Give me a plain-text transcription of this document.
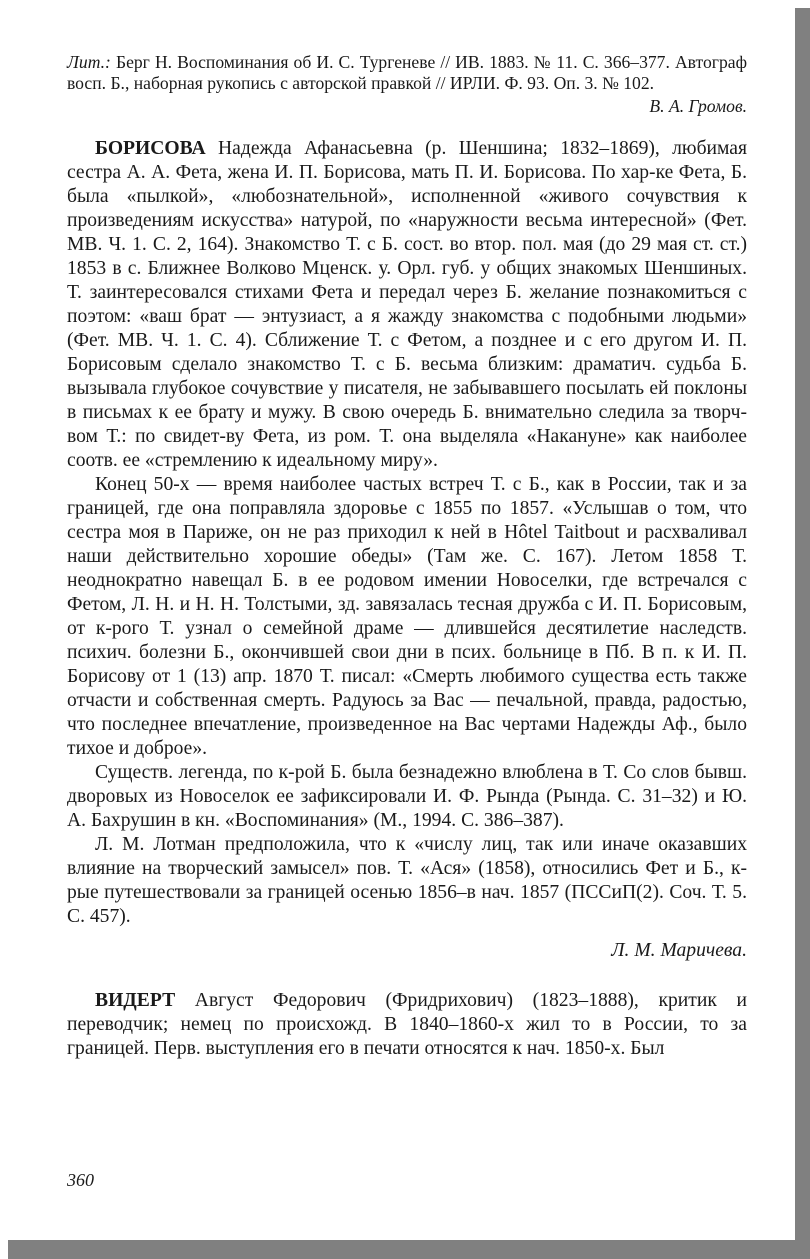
Лит.: Берг Н. Воспоминания об И. С. Тургеневе // ИВ. 1883. № 11. С. 366–377. Автограф восп. Б., наборная рукопись с авторской правкой // ИРЛИ. Ф. 93. Оп. 3. № 102.
В. А. Громов.

БОРИСОВА Надежда Афанасьевна (р. Шеншина; 1832–1869), любимая сестра А. А. Фета, жена И. П. Борисова, мать П. И. Борисова. По хар-ке Фета, Б. была «пылкой», «любознательной», исполненной «живого сочувствия к произведениям искусства» натурой, по «наружности весьма интересной» (Фет. МВ. Ч. 1. С. 2, 164). Знакомство Т. с Б. сост. во втор. пол. мая (до 29 мая ст. ст.) 1853 в с. Ближнее Волково Мценск. у. Орл. губ. у общих знакомых Шеншиных. Т. заинтересовался стихами Фета и передал через Б. желание познакомиться с поэтом: «ваш брат — энтузиаст, а я жажду знакомства с подобными людьми» (Фет. МВ. Ч. 1. С. 4). Сближение Т. с Фетом, а позднее и с его другом И. П. Борисовым сделало знакомство Т. с Б. весьма близким: драматич. судьба Б. вызывала глубокое сочувствие у писателя, не забывавшего посылать ей поклоны в письмах к ее брату и мужу. В свою очередь Б. внимательно следила за творч-вом Т.: по свидет-ву Фета, из ром. Т. она выделяла «Накануне» как наиболее соотв. ее «стремлению к идеальному миру».

Конец 50-х — время наиболее частых встреч Т. с Б., как в России, так и за границей, где она поправляла здоровье с 1855 по 1857. «Услышав о том, что сестра моя в Париже, он не раз приходил к ней в Hôtel Taitbout и расхваливал наши действительно хорошие обеды» (Там же. С. 167). Летом 1858 Т. неоднократно навещал Б. в ее родовом имении Новоселки, где встречался с Фетом, Л. Н. и Н. Н. Толстыми, зд. завязалась тесная дружба с И. П. Борисовым, от к-рого Т. узнал о семейной драме — длившейся десятилетие наследств. психич. болезни Б., окончившей свои дни в псих. больнице в Пб. В п. к И. П. Борисову от 1 (13) апр. 1870 Т. писал: «Смерть любимого существа есть также отчасти и собственная смерть. Радуюсь за Вас — печальной, правда, радостью, что последнее впечатление, произведенное на Вас чертами Надежды Аф., было тихое и доброе».

Существ. легенда, по к-рой Б. была безнадежно влюблена в Т. Со слов бывш. дворовых из Новоселок ее зафиксировали И. Ф. Рында (Рында. С. 31–32) и Ю. А. Бахрушин в кн. «Воспоминания» (М., 1994. С. 386–387).

Л. М. Лотман предположила, что к «числу лиц, так или иначе оказавших влияние на творческий замысел» пов. Т. «Ася» (1858), относились Фет и Б., к-рые путешествовали за границей осенью 1856–в нач. 1857 (ПССиП(2). Соч. Т. 5. С. 457).

Л. М. Маричева.

ВИДЕРТ Август Федорович (Фридрихович) (1823–1888), критик и переводчик; немец по происхожд. В 1840–1860-х жил то в России, то за границей. Перв. выступления его в печати относятся к нач. 1850-х. Был

360
